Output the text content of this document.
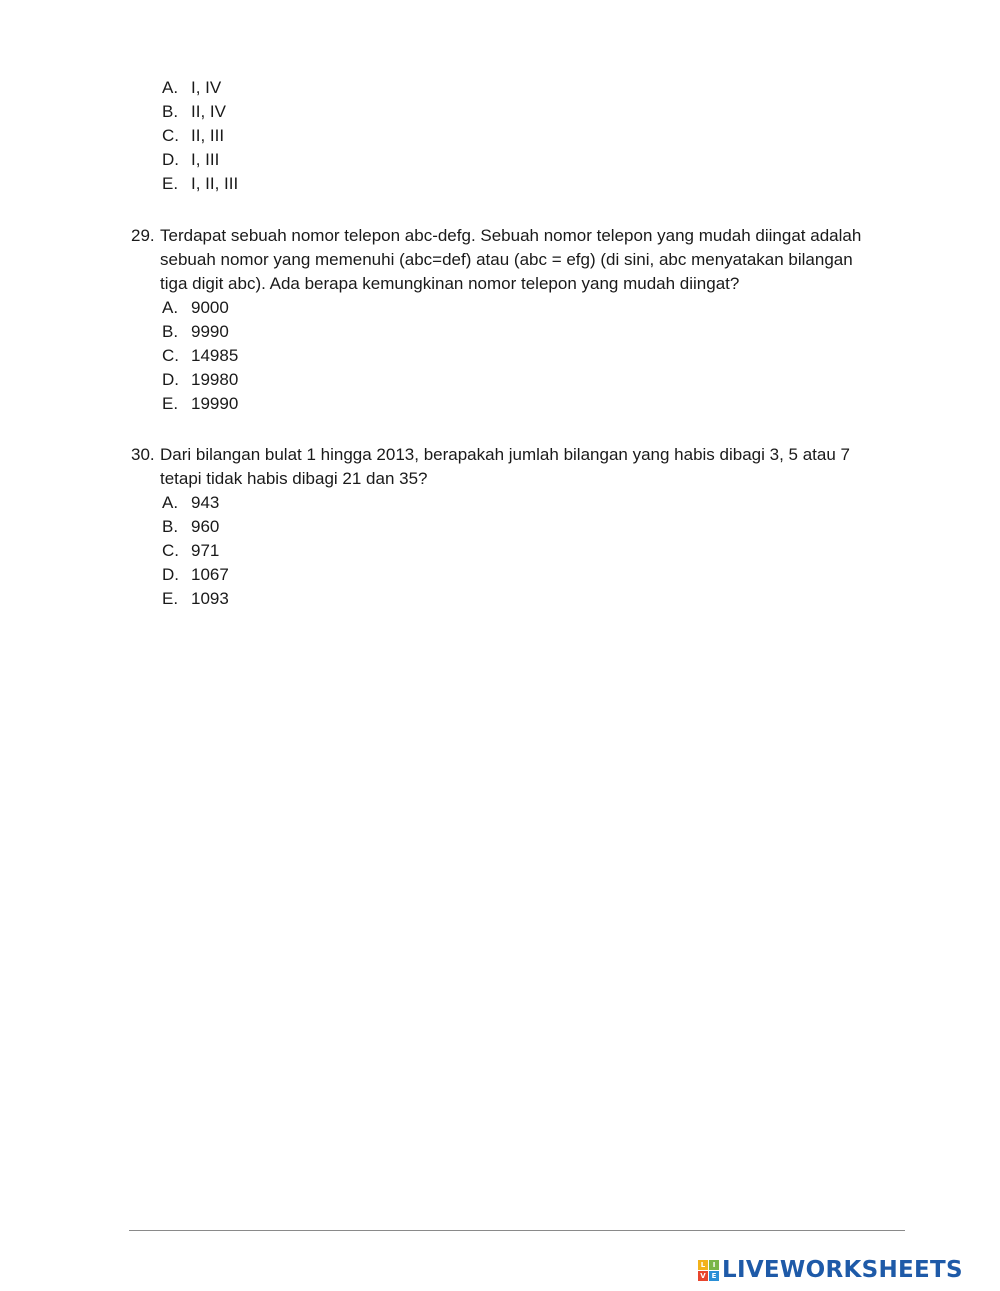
A. I, IV
B. II, IV
C. II, III
D. I, III
E. I, II, III
29. Terdapat sebuah nomor telepon abc-defg. Sebuah nomor telepon yang mudah diingat adalah
sebuah nomor yang memenuhi (abc=def) atau (abc = efg) (di sini, abc menyatakan bilangan
tiga digit abc). Ada berapa kemungkinan nomor telepon yang mudah diingat?
A. 9000
B. 9990
C. 14985
D. 19980
E. 19990
30. Dari bilangan bulat 1 hingga 2013, berapakah jumlah bilangan yang habis dibagi 3, 5 atau 7
tetapi tidak habis dibagi 21 dan 35?
A. 943
B. 960
C. 971
D. 1067
E. 1093
L	I
V E LIVEWORKSHEETS
